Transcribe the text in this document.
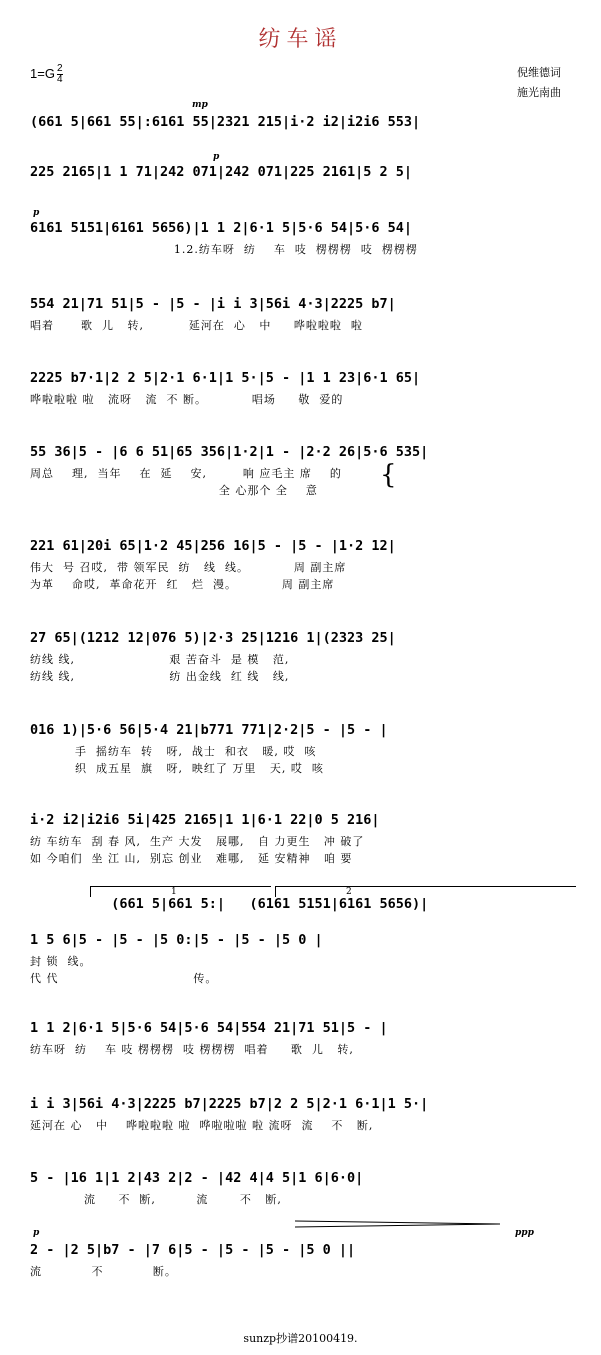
纺车谣
$1=G \frac{2}{4}$	倪维德词
施光南曲
mp
p
p
p	ppp
(661 5|661 55|:6161 55|2321 215|i·2 i2|i2i6 553|
225 2165|1 1 71|242 071|242 071|225 2161|5 2 5|
6161 5151|6161 5656)|1 1 2|6·1 5|5·6 54|5·6 54|
1.2.纺车呀  纺    车  吱  楞楞楞  吱  楞楞楞
554 21|71 51|5 - |5 - |i i 3|56i 4·3|2225 b7|
唱着      歌  儿   转,          延河在  心   中     哗啦啦啦  啦
2225 b7·1|2 2 5|2·1 6·1|1 5·|5 - |1 1 23|6·1 65|
哗啦啦啦 啦   流呀   流  不 断。          唱场     敬  爱的
55 36|5 - |6 6 51|65 356|1·2|1 - |2·2 26|5·6 535|
周总    理,  当年    在  延    安,        响 应毛主 席    的
全 心那个 全    意
{
221 61|20i 65|1·2 45|256 16|5 - |5 - |1·2 12|
伟大  号 召哎,  带 领军民  纺   线  线。          周 副主席
为革    命哎,  革命花开  红   烂  漫。          周 副主席
27 65|(1212 12|076 5)|2·3 25|1216 1|(2323 25|
纺线 线,                     艰 苦奋斗  是 模   范,
纺线 线,                     纺 出金线  红 线   线,
016 1)|5·6 56|5·4 21|b771 771|2·2|5 - |5 - |
手  摇纺车  转   呀,  战士  和衣   暖, 哎  咳
织  成五星  旗   呀,  映红了 万里   天, 哎  咳
i·2 i2|i2i6 5i|425 2165|1 1|6·1 22|0 5 216|
纺 车纺车  刮 春 风,  生产 大发   展哪,   自 力更生   冲 破了
如 今咱们  坐 江 山,  别忘 创业   难哪,   延 安精神   咱 要
1	2
(661 5|661 5:|   (6161 5151|6161 5656)|
1 5 6|5 - |5 - |5 0:|5 - |5 - |5 0 |
封 锁  线。
代 代                              传。
1 1 2|6·1 5|5·6 54|5·6 54|554 21|71 51|5 - |
纺车呀  纺    车 吱 楞楞楞  吱 楞楞楞  唱着     歌  儿   转,
i i 3|56i 4·3|2225 b7|2225 b7|2 2 5|2·1 6·1|1 5·|
延河在 心   中    哗啦啦啦 啦  哗啦啦啦 啦 流呀  流    不   断,
5 - |16 1|1 2|43 2|2 - |42 4|4 5|1 6|6·0|
流     不  断,         流       不   断,
2 - |2 5|b7 - |7 6|5 - |5 - |5 - |5 0 ||
流           不           断。
sunzp抄谱20100419.
